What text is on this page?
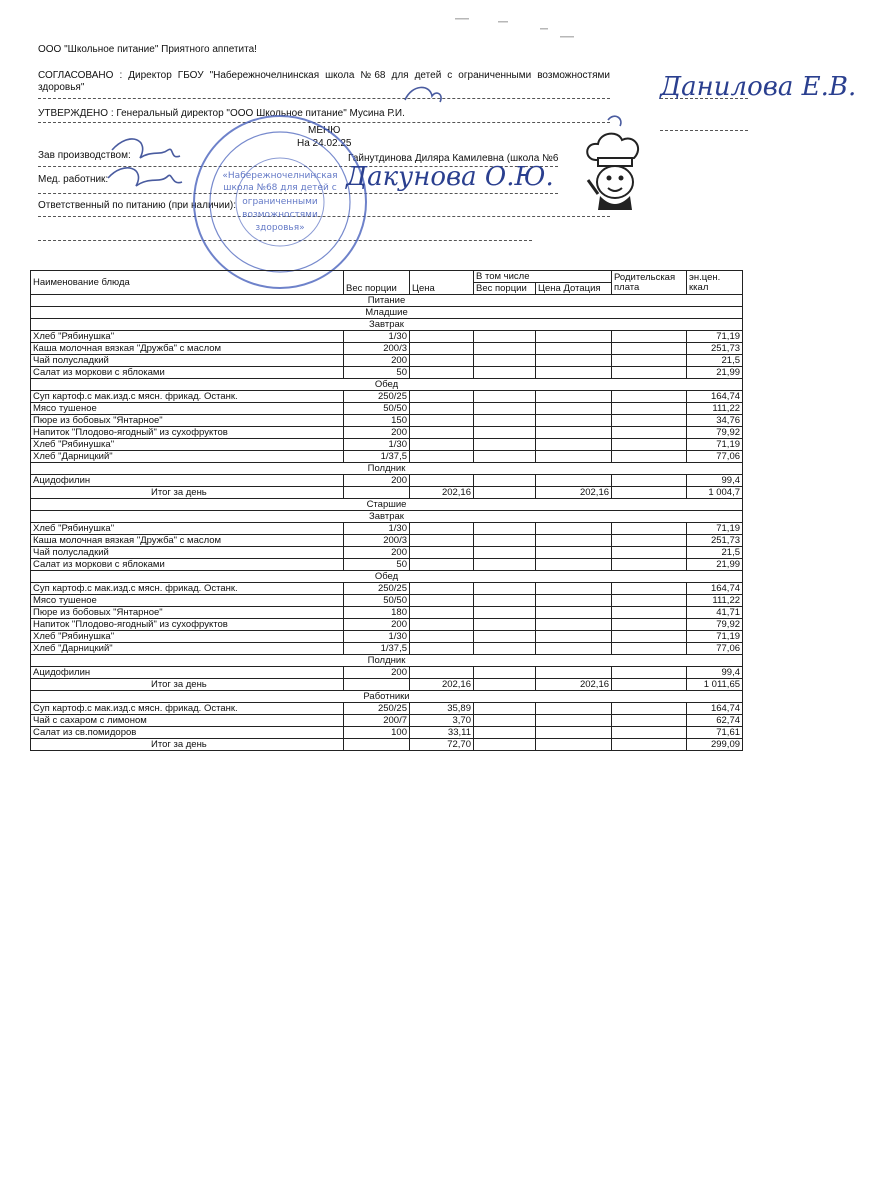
ООО "Школьное питание" Приятного аппетита!
СОГЛАСОВАНО : Директор ГБОУ "Набережночелнинская школа №68 для детей с ограниченными возможностями здоровья"
УТВЕРЖДЕНО : Генеральный директор "ООО Школьное питание" Мусина Р.И.
МЕНЮ
На 24.02.25
Зав производством:	Гайнутдинова Диляра Камилевна (школа №6
Мед. работник:
Ответственный по питанию (при наличии):
«Набережночелнинская
школа №68 для детей с
ограниченными
возможностями
здоровья»
Данилова Е.В.
Дакунова О.Ю.
Наименование блюда	Вес порции	Цена	В том числе		Родительская плата	эн.цен. ккал
			Вес порции	Цена Дотация		
Питание						
Младшие						
Завтрак						
Хлеб "Рябинушка"	1/30					71,19
Каша молочная вязкая "Дружба" с маслом	200/3					251,73
Чай полусладкий	200					21,5
Салат из моркови с яблоками	50					21,99
Обед						
Суп картоф.с мак.изд.с мясн. фрикад. Останк.	250/25					164,74
Мясо тушеное	50/50					111,22
Пюре из бобовых "Янтарное"	150					34,76
Напиток "Плодово-ягодный" из сухофруктов	200					79,92
Хлеб "Рябинушка"	1/30					71,19
Хлеб "Дарницкий"	1/37,5					77,06
Полдник						
Ацидофилин	200					99,4
Итог за день		202,16		202,16		1 004,7
Старшие						
Завтрак						
Хлеб "Рябинушка"	1/30					71,19
Каша молочная вязкая "Дружба" с маслом	200/3					251,73
Чай полусладкий	200					21,5
Салат из моркови с яблоками	50					21,99
Обед						
Суп картоф.с мак.изд.с мясн. фрикад. Останк.	250/25					164,74
Мясо тушеное	50/50					111,22
Пюре из бобовых "Янтарное"	180					41,71
Напиток "Плодово-ягодный" из сухофруктов	200					79,92
Хлеб "Рябинушка"	1/30					71,19
Хлеб "Дарницкий"	1/37,5					77,06
Полдник						
Ацидофилин	200					99,4
Итог за день		202,16		202,16		1 011,65
Работники						
Суп картоф.с мак.изд.с мясн. фрикад. Останк.	250/25	35,89				164,74
Чай с сахаром с лимоном	200/7	3,70				62,74
Салат из св.помидоров	100	33,11				71,61
Итог за день		72,70				299,09
